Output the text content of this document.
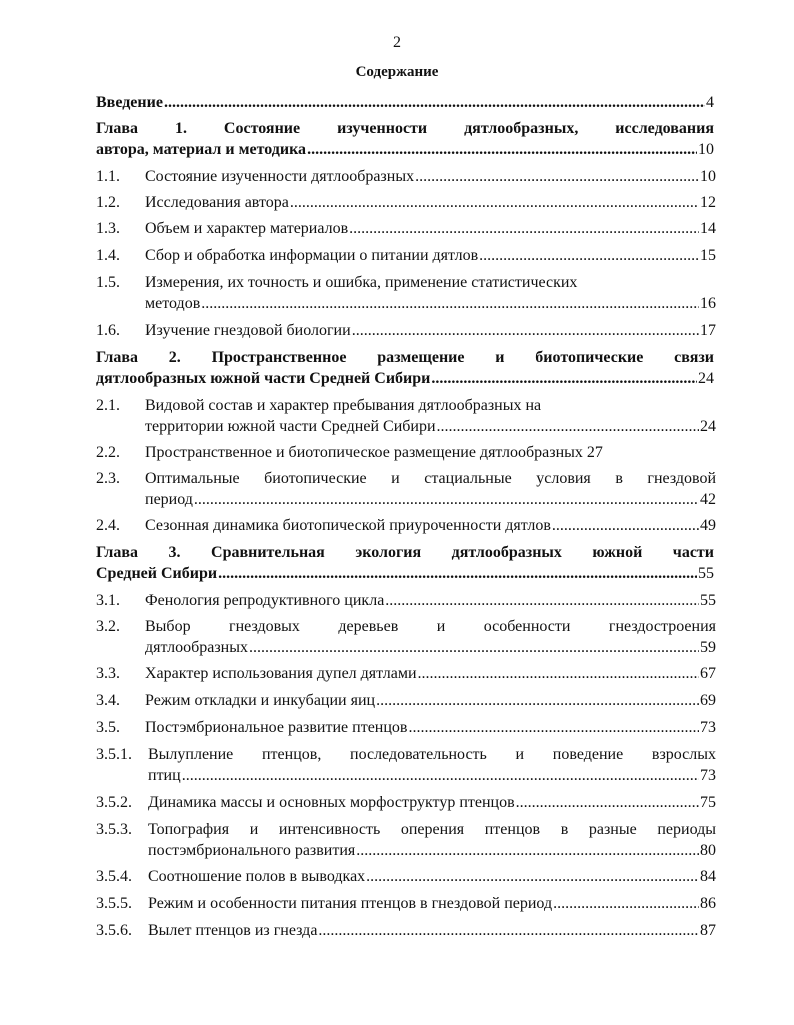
2
Содержание
Введение .....	4
Глава 1. Состояние изученности дятлообразных, исследования
автора, материал и методика .....	10
1.1. Состояние изученности дятлообразных .....	10
1.2. Исследования автора .....	12
1.3. Объем и характер материалов .....	14
1.4. Сбор и обработка информации о питании дятлов .....	15
1.5. Измерения, их точность и ошибка, применение статистических
методов .....	16
1.6. Изучение гнездовой биологии .....	17
Глава 2. Пространственное размещение и биотопические связи
дятлообразных южной части Средней Сибири .....	24
2.1. Видовой состав и характер пребывания дятлообразных на
территории южной части Средней Сибири .....	24
2.2. Пространственное и биотопическое размещение дятлообразных 27
2.3. Оптимальные биотопические и стациальные условия в гнездовой
период .....	42
2.4. Сезонная динамика биотопической приуроченности дятлов .....	49
Глава 3. Сравнительная экология дятлообразных южной части
Средней Сибири .....	55
3.1. Фенология репродуктивного цикла .....	55
3.2. Выбор гнездовых деревьев и особенности гнездостроения
дятлообразных .....	59
3.3. Характер использования дупел дятлами .....	67
3.4. Режим откладки и инкубации яиц .....	69
3.5. Постэмбриональное развитие птенцов .....	73
3.5.1. Вылупление птенцов, последовательность и поведение взрослых
птиц .....	73
3.5.2. Динамика массы и основных морфоструктур птенцов .....	75
3.5.3. Топография и интенсивность оперения птенцов в разные периоды
постэмбрионального развития .....	80
3.5.4. Соотношение полов в выводках .....	84
3.5.5. Режим и особенности питания птенцов в гнездовой период .....	86
3.5.6. Вылет птенцов из гнезда .....	87
